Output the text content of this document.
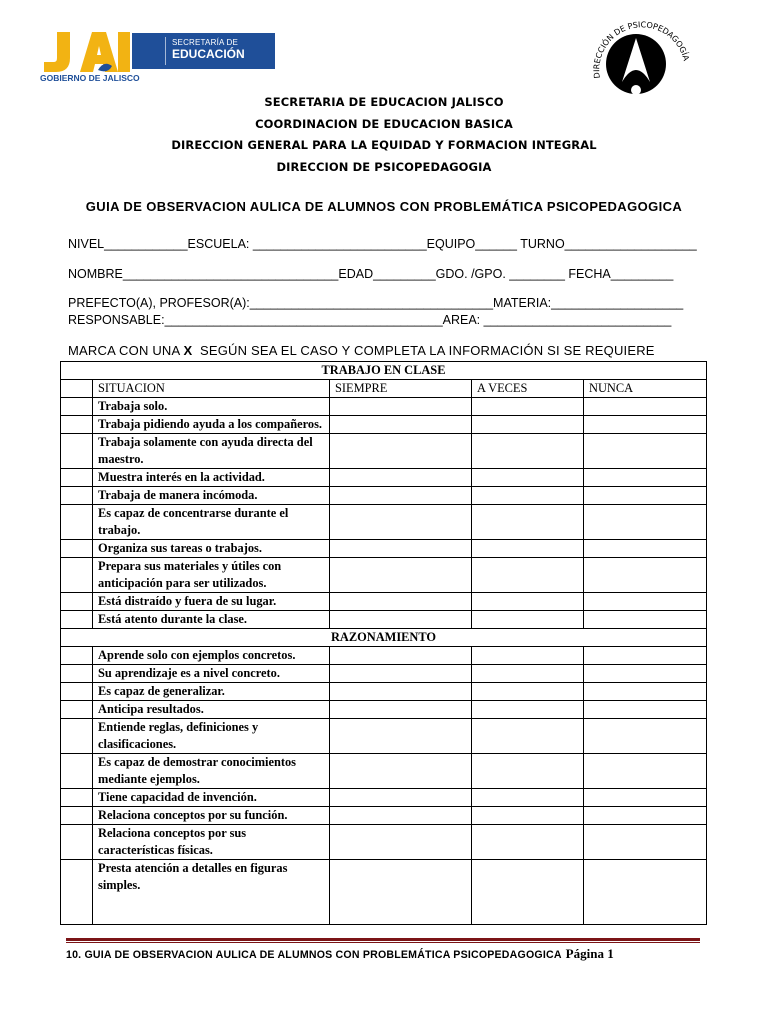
SECRETARÍA DE
EDUCACIÓN
GOBIERNO DE JALISCO	DIRECCIÓN DE PSICOPEDAGOGÍA
SECRETARIA DE EDUCACION JALISCO
COORDINACION DE EDUCACION BASICA
DIRECCION GENERAL PARA LA EQUIDAD Y FORMACION INTEGRAL
DIRECCION DE PSICOPEDAGOGIA
GUIA DE OBSERVACION AULICA DE ALUMNOS CON PROBLEMÁTICA PSICOPEDAGOGICA
NIVEL____________ESCUELA: _________________________EQUIPO______ TURNO___________________
NOMBRE_______________________________EDAD_________GDO. /GPO. ________ FECHA_________
PREFECTO(A), PROFESOR(A):___________________________________MATERIA:___________________
RESPONSABLE:________________________________________AREA: ___________________________
MARCA CON UNA X  SEGÚN SEA EL CASO Y COMPLETA LA INFORMACIÓN SI SE REQUIERE
TRABAJO EN CLASE				
	SITUACION	SIEMPRE	A VECES	NUNCA
	Trabaja solo.			
	Trabaja pidiendo ayuda a los compañeros.			
	Trabaja solamente con ayuda directa del maestro.			
	Muestra interés en la actividad.			
	Trabaja de manera incómoda.			
	Es capaz de concentrarse durante el trabajo.			
	Organiza sus tareas o trabajos.			
	Prepara sus materiales y útiles con anticipación para ser utilizados.			
	Está distraído y fuera de su lugar.			
	Está atento durante la clase.			
RAZONAMIENTO				
	Aprende solo con ejemplos concretos.			
	Su aprendizaje es a nivel concreto.			
	Es capaz de generalizar.			
	Anticipa resultados.			
	Entiende reglas, definiciones y clasificaciones.			
	Es capaz de demostrar conocimientos mediante ejemplos.			
	Tiene capacidad de invención.			
	Relaciona conceptos por su función.			
	Relaciona conceptos por sus características físicas.			
	Presta atención a detalles en figuras simples.			
10. GUIA DE OBSERVACION AULICA DE ALUMNOS CON PROBLEMÁTICA PSICOPEDAGOGICA Página 1
